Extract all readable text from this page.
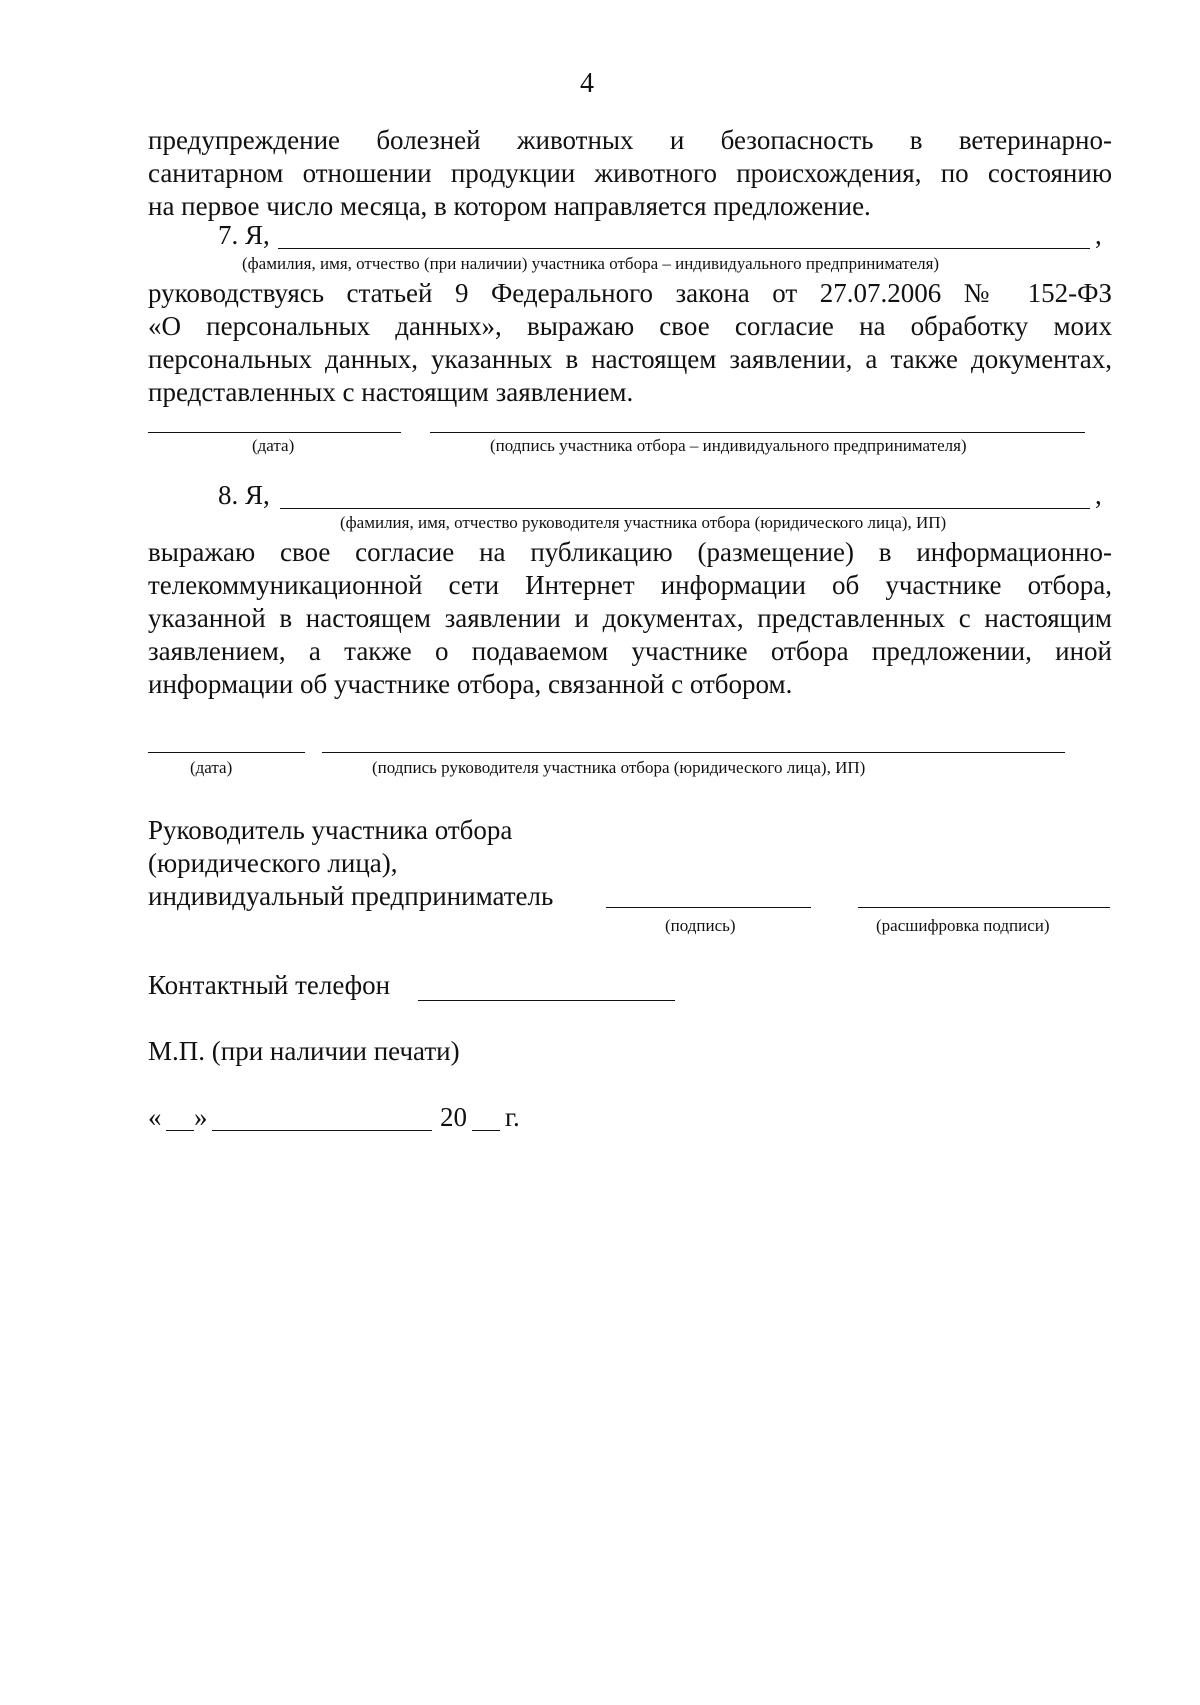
4
предупреждение болезней животных и безопасность в ветеринарно-
санитарном отношении продукции животного происхождения, по состоянию
на первое число месяца, в котором направляется предложение.
7. Я,	,
(фамилия, имя, отчество (при наличии) участника отбора – индивидуального предпринимателя)
руководствуясь статьей 9 Федерального закона от 27.07.2006 № 152-ФЗ
«О персональных данных», выражаю свое согласие на обработку моих
персональных данных, указанных в настоящем заявлении, а также документах,
представленных с настоящим заявлением.
(дата)	(подпись участника отбора – индивидуального предпринимателя)
8. Я,	,
(фамилия, имя, отчество руководителя участника отбора (юридического лица), ИП)
выражаю свое согласие на публикацию (размещение) в информационно-
телекоммуникационной сети Интернет информации об участнике отбора,
указанной в настоящем заявлении и документах, представленных с настоящим
заявлением, а также о подаваемом участнике отбора предложении, иной
информации об участнике отбора, связанной с отбором.
(дата)	(подпись руководителя участника отбора (юридического лица), ИП)
Руководитель участника отбора
(юридического лица),
индивидуальный предприниматель
(подпись)	(расшифровка подписи)
Контактный телефон
М.П. (при наличии печати)
« »	20 г.
